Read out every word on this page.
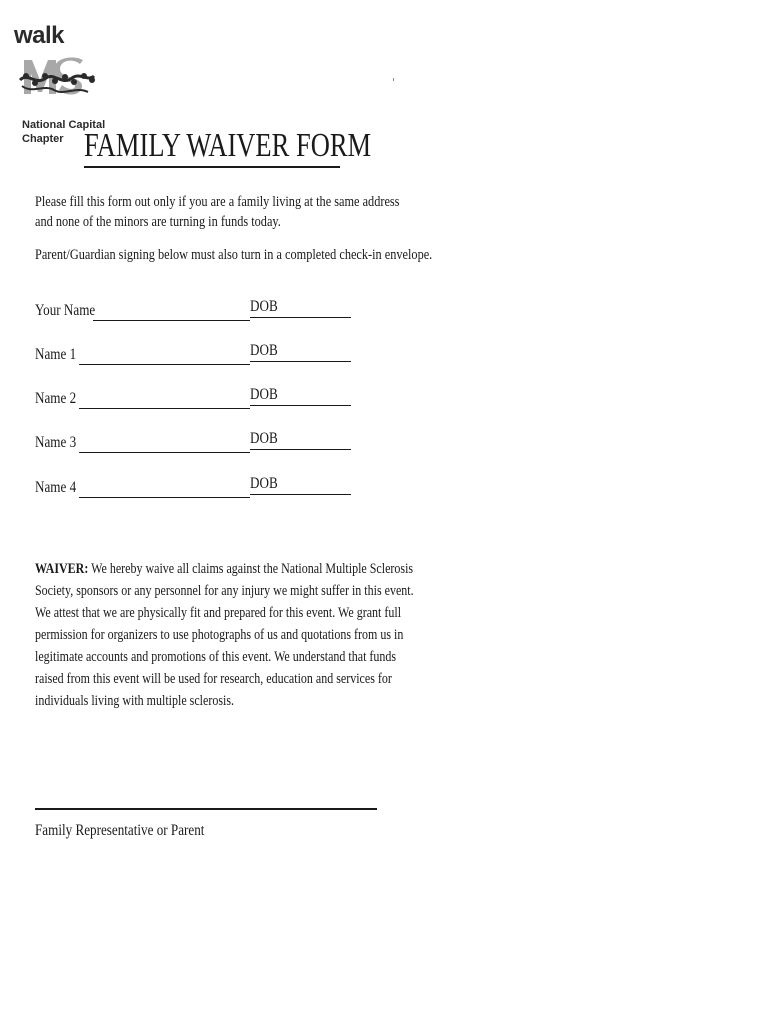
walk
National Capital
Chapter FAMILY WAIVER FORM
Please fill this form out only if you are a family living at the same address
and none of the minors are turning in funds today.
Parent/Guardian signing below must also turn in a completed check-in envelope.
Your Name	DOB
Name 1	DOB
Name 2	DOB
Name 3	DOB
Name 4	DOB
WAIVER: We hereby waive all claims against the National Multiple Sclerosis
Society, sponsors or any personnel for any injury we might suffer in this event.
We attest that we are physically fit and prepared for this event. We grant full
permission for organizers to use photographs of us and quotations from us in
legitimate accounts and promotions of this event. We understand that funds
raised from this event will be used for research, education and services for
individuals living with multiple sclerosis.
Family Representative or Parent
